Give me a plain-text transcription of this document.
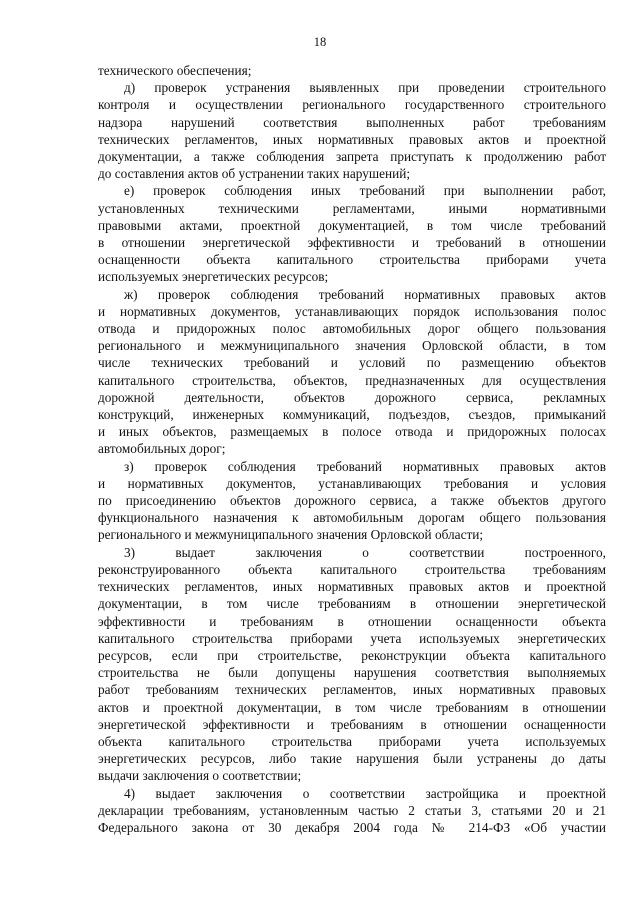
18
технического обеспечения;
д) проверок устранения выявленных при проведении строительного
контроля и осуществлении регионального государственного строительного
надзора нарушений соответствия выполненных работ требованиям
технических регламентов, иных нормативных правовых актов и проектной
документации, а также соблюдения запрета приступать к продолжению работ
до составления актов об устранении таких нарушений;
е) проверок соблюдения иных требований при выполнении работ,
установленных техническими регламентами, иными нормативными
правовыми актами, проектной документацией, в том числе требований
в отношении энергетической эффективности и требований в отношении
оснащенности объекта капитального строительства приборами учета
используемых энергетических ресурсов;
ж) проверок соблюдения требований нормативных правовых актов
и нормативных документов, устанавливающих порядок использования полос
отвода и придорожных полос автомобильных дорог общего пользования
регионального и межмуниципального значения Орловской области, в том
числе технических требований и условий по размещению объектов
капитального строительства, объектов, предназначенных для осуществления
дорожной деятельности, объектов дорожного сервиса, рекламных
конструкций, инженерных коммуникаций, подъездов, съездов, примыканий
и иных объектов, размещаемых в полосе отвода и придорожных полосах
автомобильных дорог;
з) проверок соблюдения требований нормативных правовых актов
и нормативных документов, устанавливающих требования и условия
по присоединению объектов дорожного сервиса, а также объектов другого
функционального назначения к автомобильным дорогам общего пользования
регионального и межмуниципального значения Орловской области;
3) выдает заключения о соответствии построенного,
реконструированного объекта капитального строительства требованиям
технических регламентов, иных нормативных правовых актов и проектной
документации, в том числе требованиям в отношении энергетической
эффективности и требованиям в отношении оснащенности объекта
капитального строительства приборами учета используемых энергетических
ресурсов, если при строительстве, реконструкции объекта капитального
строительства не были допущены нарушения соответствия выполняемых
работ требованиям технических регламентов, иных нормативных правовых
актов и проектной документации, в том числе требованиям в отношении
энергетической эффективности и требованиям в отношении оснащенности
объекта капитального строительства приборами учета используемых
энергетических ресурсов, либо такие нарушения были устранены до даты
выдачи заключения о соответствии;
4) выдает заключения о соответствии застройщика и проектной
декларации требованиям, установленным частью 2 статьи 3, статьями 20 и 21
Федерального закона от 30 декабря 2004 года № 214-ФЗ «Об участии
